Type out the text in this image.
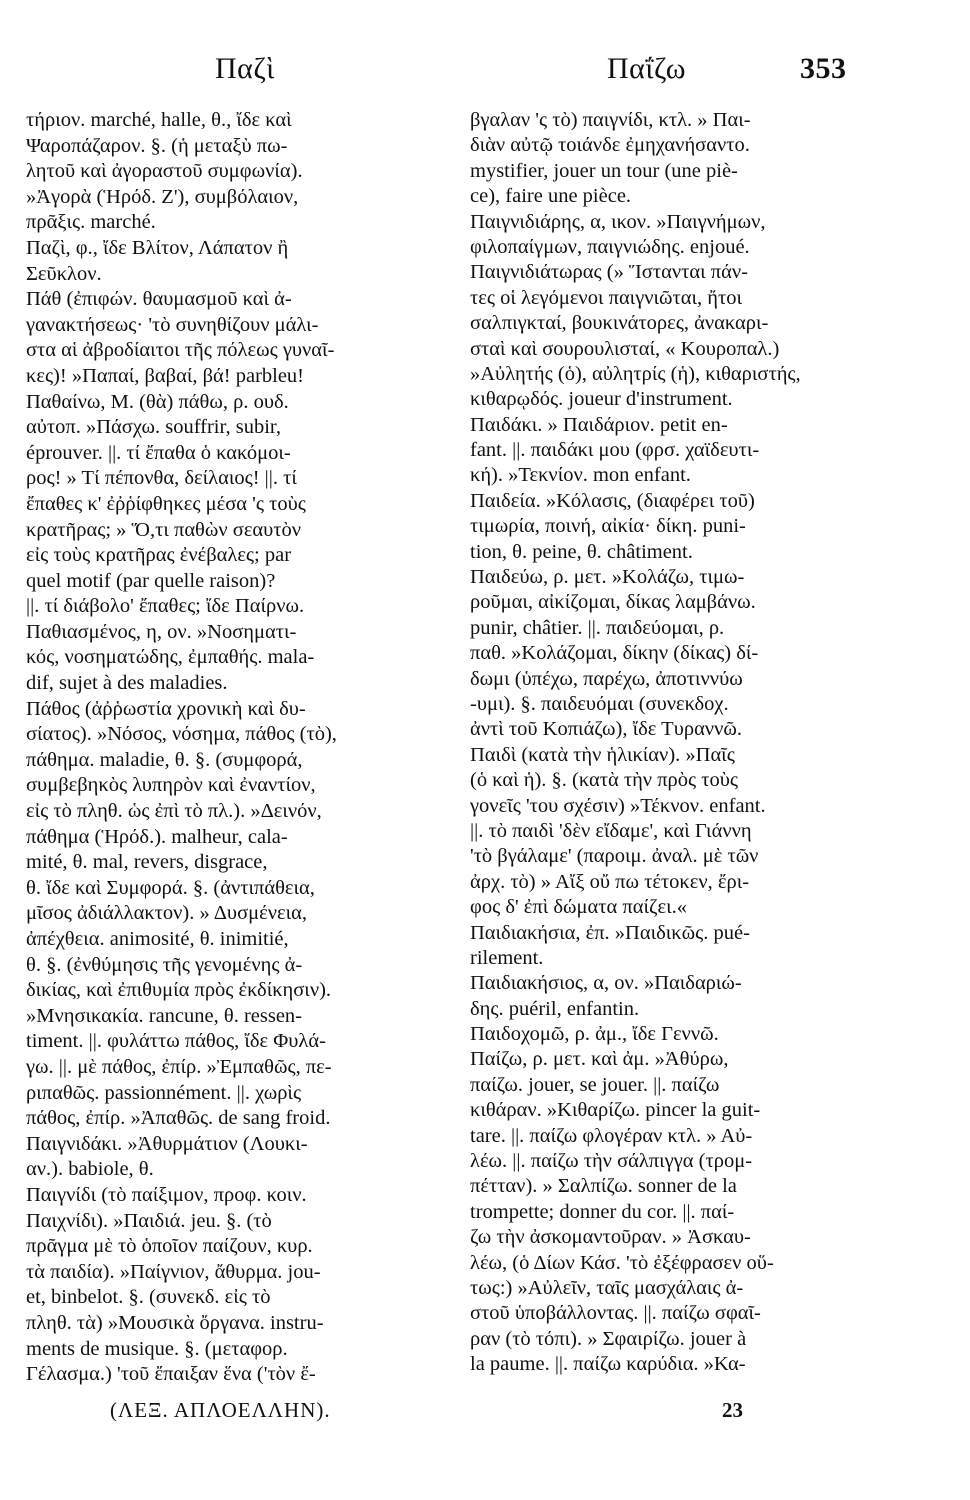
Παζὶ	Παΐζω	353
τήριον. marché, halle, θ., ἴδε καὶ
Ψαροπάζαρον. §. (ἡ μεταξὺ πω-
λητοῦ καὶ ἀγοραστοῦ συμφωνία).
»Ἀγορὰ (Ἡρόδ. Ζ'), συμβόλαιον,
πρᾶξις. marché.
Παζὶ, φ., ἴδε Βλίτον, Λάπατον ἢ
Σεῦκλον.
Πάθ (ἐπιφών. θαυμασμοῦ καὶ ἀ-
γανακτήσεως· 'τὸ συνηθίζουν μάλι-
στα αἱ ἀβροδίαιτοι τῆς πόλεως γυναῖ-
κες)! »Παπαί, βαβαί, βά! parbleu!
Παθαίνω, Μ. (θὰ) πάθω, ρ. ουδ.
αὐτοπ. »Πάσχω. souffrir, subir,
éprouver. ||. τί ἔπαθα ὁ κακόμοι-
ρος! » Τί πέπονθα, δείλαιος! ||. τί
ἔπαθες κ' ἐῤῥίφθηκες μέσα 'ς τοὺς
κρατῆρας; » Ὅ,τι παθὼν σεαυτὸν
εἰς τοὺς κρατῆρας ἐνέβαλες; par
quel motif (par quelle raison)?
||. τί διάβολο' ἔπαθες; ἴδε Παίρνω.
Παθιασμένος, η, ον. »Νοσηματι-
κός, νοσηματώδης, ἐμπαθής. mala-
dif, sujet à des maladies.
Πάθος (ἀῤῥωστία χρονικὴ καὶ δυ-
σίατος). »Νόσος, νόσημα, πάθος (τὸ),
πάθημα. maladie, θ. §. (συμφορά,
συμβεβηκὸς λυπηρὸν καὶ ἐναντίον,
εἰς τὸ πληθ. ὡς ἐπὶ τὸ πλ.). »Δεινόν,
πάθημα (Ἡρόδ.). malheur, cala-
mité, θ. mal, revers, disgrace,
θ. ἴδε καὶ Συμφορά. §. (ἀντιπάθεια,
μῖσος ἀδιάλλακτον). » Δυσμένεια,
ἀπέχθεια. animosité, θ. inimitié,
θ. §. (ἐνθύμησις τῆς γενομένης ἀ-
δικίας, καὶ ἐπιθυμία πρὸς ἐκδίκησιν).
»Μνησικακία. rancune, θ. ressen-
timent. ||. φυλάττω πάθος, ἴδε Φυλά-
γω. ||. μὲ πάθος, ἐπίρ. »Ἐμπαθῶς, πε-
ριπαθῶς. passionnément. ||. χωρὶς
πάθος, ἐπίρ. »Ἀπαθῶς. de sang froid.
Παιγνιδάκι. »Ἀθυρμάτιον (Λουκι-
αν.). babiole, θ.
Παιγνίδι (τὸ παίξιμον, προφ. κοιν.
Παιχνίδι). »Παιδιά. jeu. §. (τὸ
πρᾶγμα μὲ τὸ ὁποῖον παίζουν, κυρ.
τὰ παιδία). »Παίγνιον, ἄθυρμα. jou-
et, binbelot. §. (συνεκδ. εἰς τὸ
πληθ. τὰ) »Μουσικὰ ὄργανα. instru-
ments de musique. §. (μεταφορ.
Γέλασμα.) 'τοῦ ἔπαιξαν ἕνα ('τὸν ἔ-
βγαλαν 'ς τὸ) παιγνίδι, κτλ. » Παι-
διὰν αὐτῷ τοιάνδε ἐμηχανήσαντο.
mystifier, jouer un tour (une piè-
ce), faire une pièce.
Παιγνιδιάρης, α, ικον. »Παιγνήμων,
φιλοπαίγμων, παιγνιώδης. enjoué.
Παιγνιδιάτωρας (» Ἵστανται πάν-
τες οἱ λεγόμενοι παιγνιῶται, ἤτοι
σαλπιγκταί, βουκινάτορες, ἀνακαρι-
σταὶ καὶ σουρουλισταί, « Κουροπαλ.)
»Αὐλητής (ὁ), αὐλητρίς (ἡ), κιθαριστής,
κιθαρῳδός. joueur d'instrument.
Παιδάκι. » Παιδάριον. petit en-
fant. ||. παιδάκι μου (φρσ. χαϊδευτι-
κή). »Τεκνίον. mon enfant.
Παιδεία. »Κόλασις, (διαφέρει τοῦ)
τιμωρία, ποινή, αἰκία· δίκη. puni-
tion, θ. peine, θ. châtiment.
Παιδεύω, ρ. μετ. »Κολάζω, τιμω-
ροῦμαι, αἰκίζομαι, δίκας λαμβάνω.
punir, châtier. ||. παιδεύομαι, ρ.
παθ. »Κολάζομαι, δίκην (δίκας) δί-
δωμι (ὑπέχω, παρέχω, ἀποτιννύω
-υμι). §. παιδευόμαι (συνεκδοχ.
ἀντὶ τοῦ Κοπιάζω), ἴδε Τυραννῶ.
Παιδὶ (κατὰ τὴν ἡλικίαν). »Παῖς
(ὁ καὶ ἡ). §. (κατὰ τὴν πρὸς τοὺς
γονεῖς 'του σχέσιν) »Τέκνον. enfant.
||. τὸ παιδὶ 'δὲν εἴδαμε', καὶ Γιάννη
'τὸ βγάλαμε' (παροιμ. ἀναλ. μὲ τῶν
ἀρχ. τὸ) » Αἴξ οὔ πω τέτοκεν, ἔρι-
φος δ' ἐπὶ δώματα παίζει.«
Παιδιακήσια, ἐπ. »Παιδικῶς. pué-
rilement.
Παιδιακήσιος, α, ον. »Παιδαριώ-
δης. puéril, enfantin.
Παιδοχομῶ, ρ. ἀμ., ἴδε Γεννῶ.
Παίζω, ρ. μετ. καὶ ἀμ. »Ἀθύρω,
παίζω. jouer, se jouer. ||. παίζω
κιθάραν. »Κιθαρίζω. pincer la guit-
tare. ||. παίζω φλογέραν κτλ. » Αὐ-
λέω. ||. παίζω τὴν σάλπιγγα (τρομ-
πέτταν). » Σαλπίζω. sonner de la
trompette; donner du cor. ||. παί-
ζω τὴν ἀσκομαντοῦραν. » Ἀσκαυ-
λέω, (ὁ Δίων Κάσ. 'τὸ ἐξέφρασεν οὕ-
τως:) »Αὐλεῖν, ταῖς μασχάλαις ἀ-
στοῦ ὑποβάλλοντας. ||. παίζω σφαῖ-
ραν (τὸ τόπι). » Σφαιρίζω. jouer à
la paume. ||. παίζω καρύδια. »Κα-
(ΛΕΞ. ΑΠΛΟΕΛΛΗΝ).	23
